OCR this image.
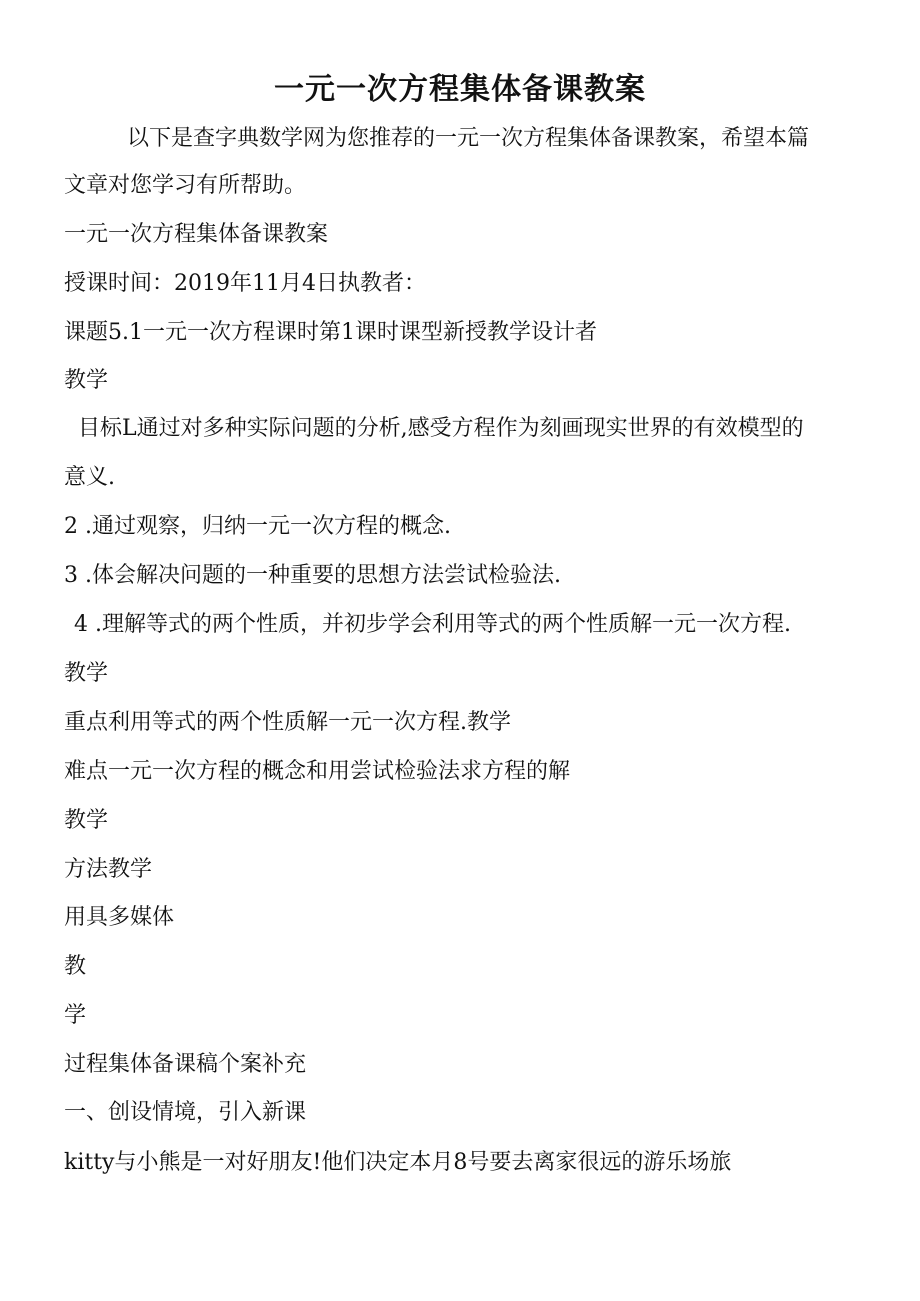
一元一次方程集体备课教案
以下是查字典数学网为您推荐的一元一次方程集体备课教案，希望本篇
文章对您学习有所帮助。
一元一次方程集体备课教案
授课时间：2019年11月4日执教者：
课题5.1一元一次方程课时第1课时课型新授教学设计者
教学
目标L通过对多种实际问题的分析,感受方程作为刻画现实世界的有效模型的
意义.
2 .通过观察，归纳一元一次方程的概念.
3 .体会解决问题的一种重要的思想方法尝试检验法.
4 .理解等式的两个性质，并初步学会利用等式的两个性质解一元一次方程.
教学
重点利用等式的两个性质解一元一次方程.教学
难点一元一次方程的概念和用尝试检验法求方程的解
教学
方法教学
用具多媒体
教
学
过程集体备课稿个案补充
一、创设情境，引入新课
kitty与小熊是一对好朋友!他们决定本月8号要去离家很远的游乐场旅
